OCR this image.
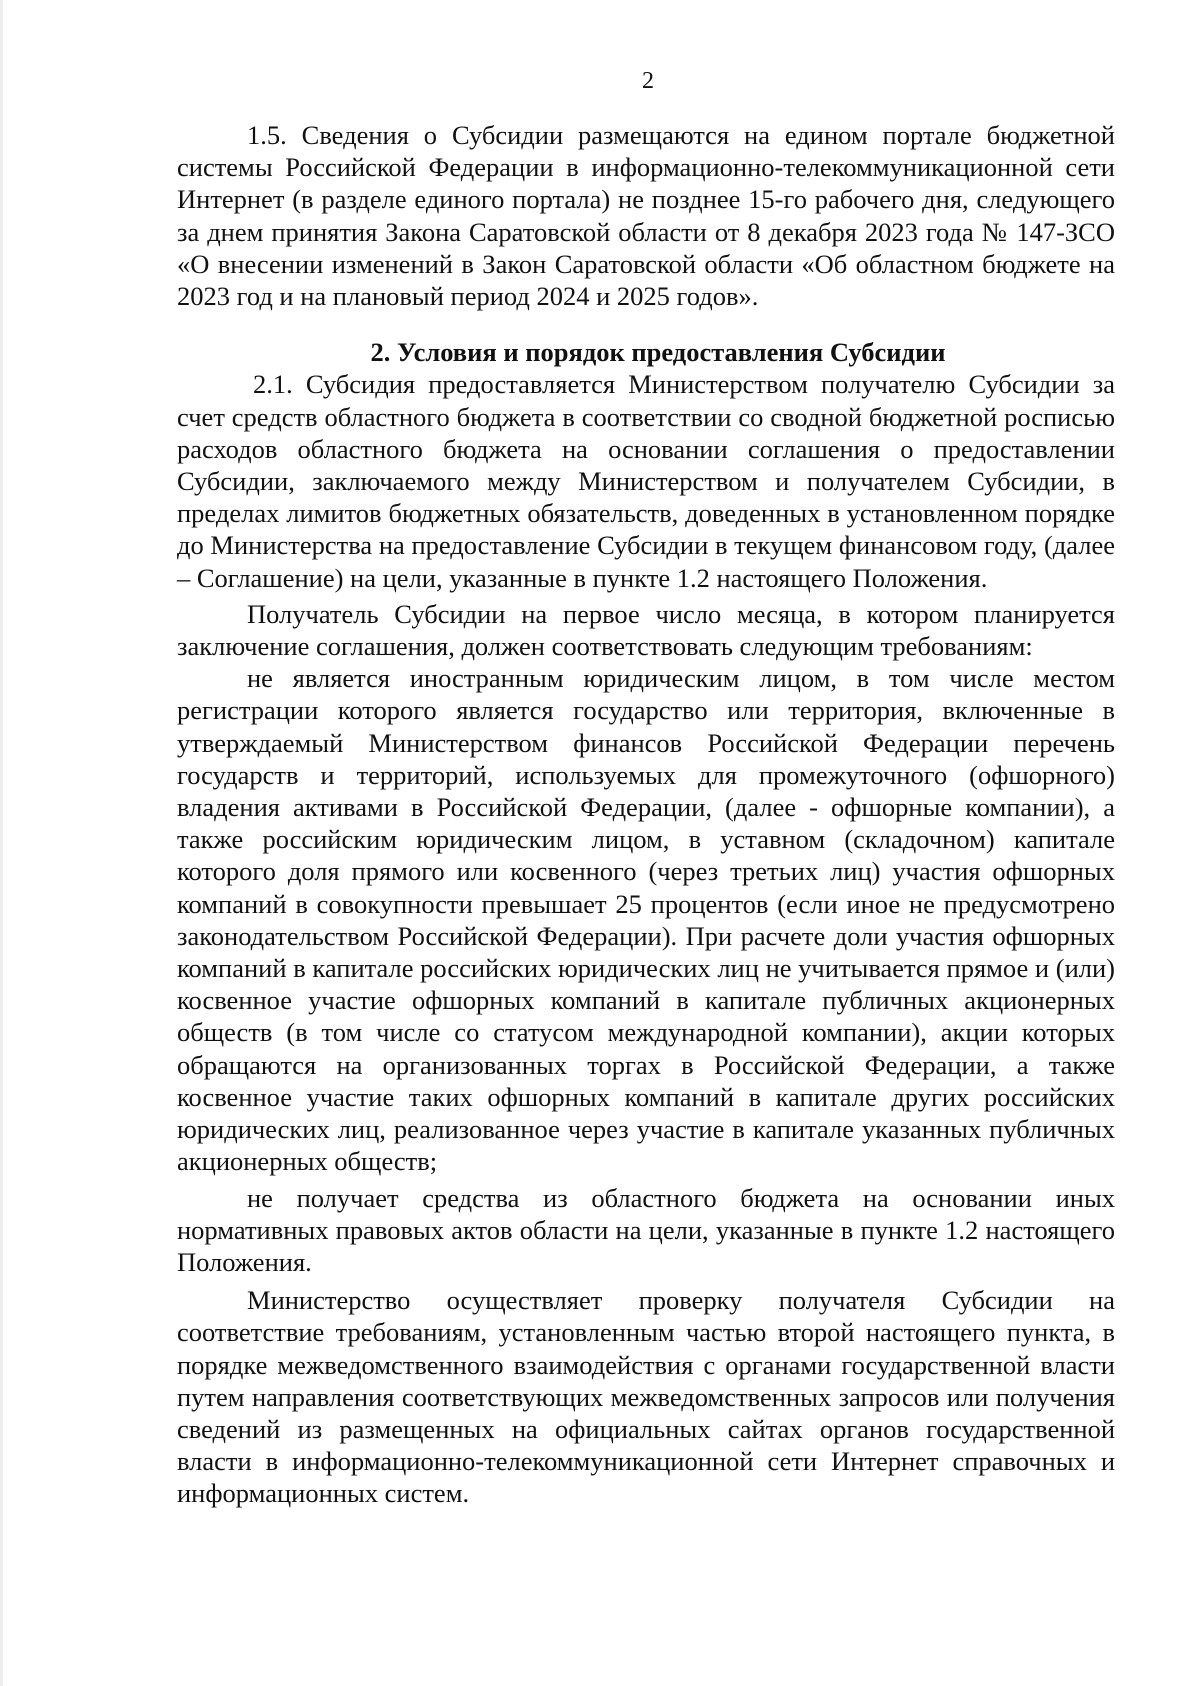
2

1.5. Сведения о Субсидии размещаются на едином портале бюджетной системы Российской Федерации в информационно-телекоммуникационной сети Интернет (в разделе единого портала) не позднее 15-го рабочего дня, следующего за днем принятия Закона Саратовской области от 8 декабря 2023 года № 147-ЗСО «О внесении изменений в Закон Саратовской области «Об областном бюджете на 2023 год и на плановый период 2024 и 2025 годов».

2. Условия и порядок предоставления Субсидии

2.1. Субсидия предоставляется Министерством получателю Субсидии за счет средств областного бюджета в соответствии со сводной бюджетной росписью расходов областного бюджета на основании соглашения о предоставлении Субсидии, заключаемого между Министерством и получателем Субсидии, в пределах лимитов бюджетных обязательств, доведенных в установленном порядке до Министерства на предоставление Субсидии в текущем финансовом году, (далее – Соглашение) на цели, указанные в пункте 1.2 настоящего Положения.

Получатель Субсидии на первое число месяца, в котором планируется заключение соглашения, должен соответствовать следующим требованиям:

не является иностранным юридическим лицом, в том числе местом регистрации которого является государство или территория, включенные в утверждаемый Министерством финансов Российской Федерации перечень государств и территорий, используемых для промежуточного (офшорного) владения активами в Российской Федерации, (далее - офшорные компании), а также российским юридическим лицом, в уставном (складочном) капитале которого доля прямого или косвенного (через третьих лиц) участия офшорных компаний в совокупности превышает 25 процентов (если иное не предусмотрено законодательством Российской Федерации). При расчете доли участия офшорных компаний в капитале российских юридических лиц не учитывается прямое и (или) косвенное участие офшорных компаний в капитале публичных акционерных обществ (в том числе со статусом международной компании), акции которых обращаются на организованных торгах в Российской Федерации, а также косвенное участие таких офшорных компаний в капитале других российских юридических лиц, реализованное через участие в капитале указанных публичных акционерных обществ;

не получает средства из областного бюджета на основании иных нормативных правовых актов области на цели, указанные в пункте 1.2 настоящего Положения.

Министерство осуществляет проверку получателя Субсидии на соответствие требованиям, установленным частью второй настоящего пункта, в порядке межведомственного взаимодействия с органами государственной власти путем направления соответствующих межведомственных запросов или получения сведений из размещенных на официальных сайтах органов государственной власти в информационно-телекоммуникационной сети Интернет справочных и информационных систем.
